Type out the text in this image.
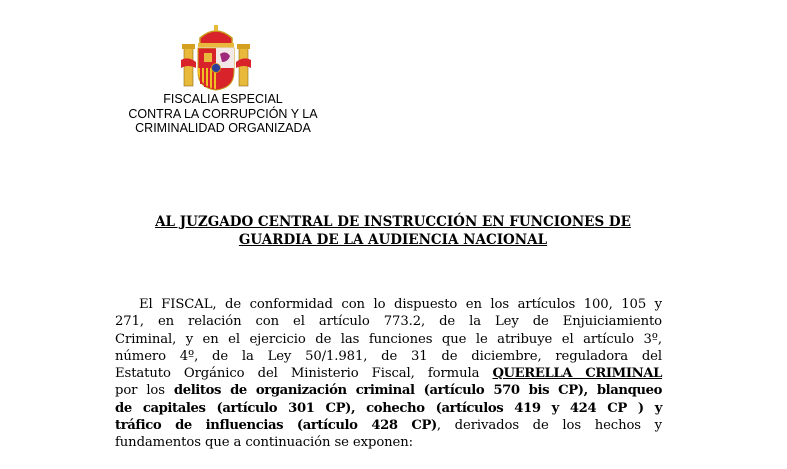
FISCALIA ESPECIAL
CONTRA LA CORRUPCIÓN Y LA
CRIMINALIDAD ORGANIZADA
AL JUZGADO CENTRAL DE INSTRUCCIÓN EN FUNCIONES DE
GUARDIA DE LA AUDIENCIA NACIONAL
El FISCAL, de conformidad con lo dispuesto en los artículos 100, 105 y
271, en relación con el artículo 773.2, de la Ley de Enjuiciamiento
Criminal, y en el ejercicio de las funciones que le atribuye el artículo 3º,
número 4º, de la Ley 50/1.981, de 31 de diciembre, reguladora del
Estatuto Orgánico del Ministerio Fiscal, formula QUERELLA CRIMINAL
por los delitos de organización criminal (artículo 570 bis CP), blanqueo
de capitales (artículo 301 CP), cohecho (artículos 419 y 424 CP ) y
tráfico de influencias (artículo 428 CP), derivados de los hechos y
fundamentos que a continuación se exponen:
